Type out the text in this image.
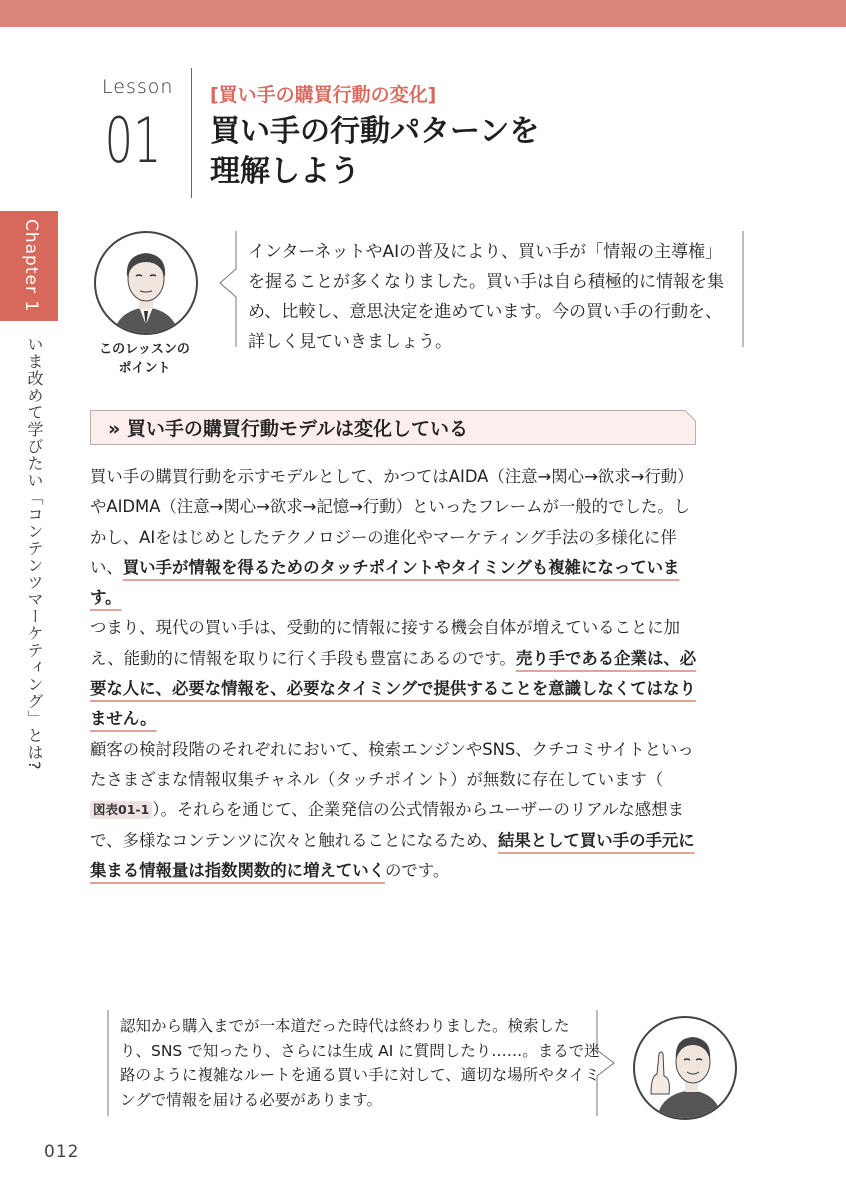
Lesson
01
[買い手の購買行動の変化]
買い手の行動パターンを
理解しよう
Chapter 1
いま改めて学びたい「コンテンツマーケティング」とは?	このレッスンの
ポイント
インターネットやAIの普及により、買い手が「情報の主導権」を握ることが多くなりました。買い手は自ら積極的に情報を集め、比較し、意思決定を進めています。今の買い手の行動を、詳しく見ていきましょう。
» 買い手の購買行動モデルは変化している

買い手の購買行動を示すモデルとして、かつてはAIDA（注意→関心→欲求→行動）やAIDMA（注意→関心→欲求→記憶→行動）といったフレームが一般的でした。しかし、AIをはじめとしたテクノロジーの進化やマーケティング手法の多様化に伴い、買い手が情報を得るためのタッチポイントやタイミングも複雑になっています。

つまり、現代の買い手は、受動的に情報に接する機会自体が増えていることに加え、能動的に情報を取りに行く手段も豊富にあるのです。売り手である企業は、必要な人に、必要な情報を、必要なタイミングで提供することを意識しなくてはなりません。

顧客の検討段階のそれぞれにおいて、検索エンジンやSNS、クチコミサイトといったさまざまな情報収集チャネル（タッチポイント）が無数に存在しています（図表01-1 ）。それらを通じて、企業発信の公式情報からユーザーのリアルな感想まで、多様なコンテンツに次々と触れることになるため、結果として買い手の手元に集まる情報量は指数関数的に増えていくのです。

認知から購入までが一本道だった時代は終わりました。検索したり、SNS で知ったり、さらには生成 AI に質問したり……。まるで迷路のように複雑なルートを通る買い手に対して、適切な場所やタイミングで情報を届ける必要があります。
012
